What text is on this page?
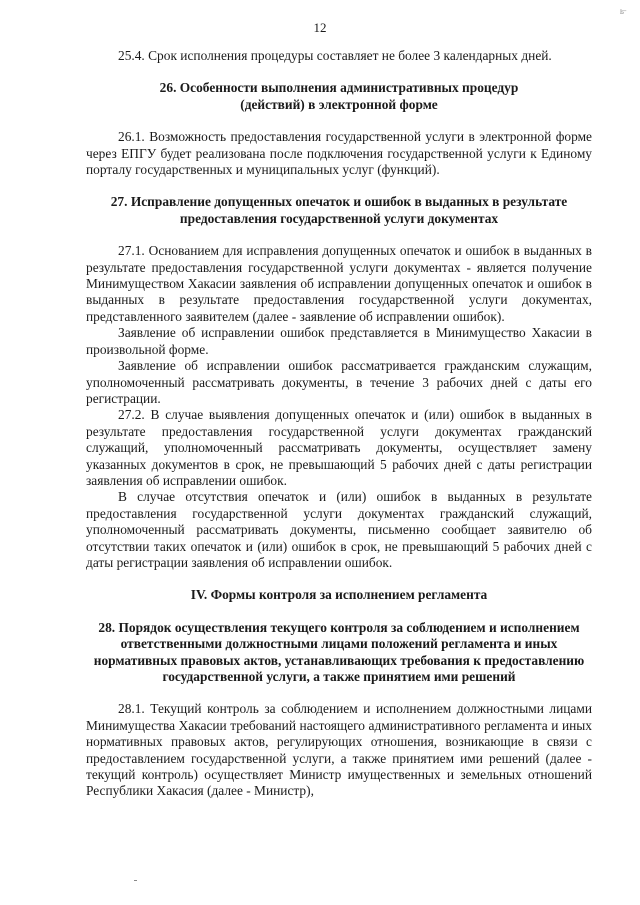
12
ь̶

25.4. Срок исполнения процедуры составляет не более 3 календарных дней.

26. Особенности выполнения административных процедур (действий) в электронной форме

26.1. Возможность предоставления государственной услуги в электронной форме через ЕПГУ будет реализована после подключения государственной услуги к Единому порталу государственных и муниципальных услуг (функций).

27. Исправление допущенных опечаток и ошибок в выданных в результате предоставления государственной услуги документах

27.1. Основанием для исправления допущенных опечаток и ошибок в выданных в результате предоставления государственной услуги документах - является получение Минимуществом Хакасии заявления об исправлении допущенных опечаток и ошибок в выданных в результате предоставления государственной услуги документах, представленного заявителем (далее - заявление об исправлении ошибок).

Заявление об исправлении ошибок представляется в Минимущество Хакасии в произвольной форме.

Заявление об исправлении ошибок рассматривается гражданским служащим, уполномоченный рассматривать документы, в течение 3 рабочих дней с даты его регистрации.

27.2. В случае выявления допущенных опечаток и (или) ошибок в выданных в результате предоставления государственной услуги документах гражданский служащий, уполномоченный рассматривать документы, осуществляет замену указанных документов в срок, не превышающий 5 рабочих дней с даты регистрации заявления об исправлении ошибок.

В случае отсутствия опечаток и (или) ошибок в выданных в результате предоставления государственной услуги документах гражданский служащий, уполномоченный рассматривать документы, письменно сообщает заявителю об отсутствии таких опечаток и (или) ошибок в срок, не превышающий 5 рабочих дней с даты регистрации заявления об исправлении ошибок.

IV. Формы контроля за исполнением регламента
28. Порядок осуществления текущего контроля за соблюдением и исполнением ответственными должностными лицами положений регламента и иных нормативных правовых актов, устанавливающих требования к предоставлению государственной услуги, а также принятием ими решений

28.1. Текущий контроль за соблюдением и исполнением должностными лицами Минимущества Хакасии требований настоящего административного регламента и иных нормативных правовых актов, регулирующих отношения, возникающие в связи с предоставлением государственной услуги, а также принятием ими решений (далее - текущий контроль) осуществляет Министр имущественных и земельных отношений Республики Хакасия (далее - Министр),
